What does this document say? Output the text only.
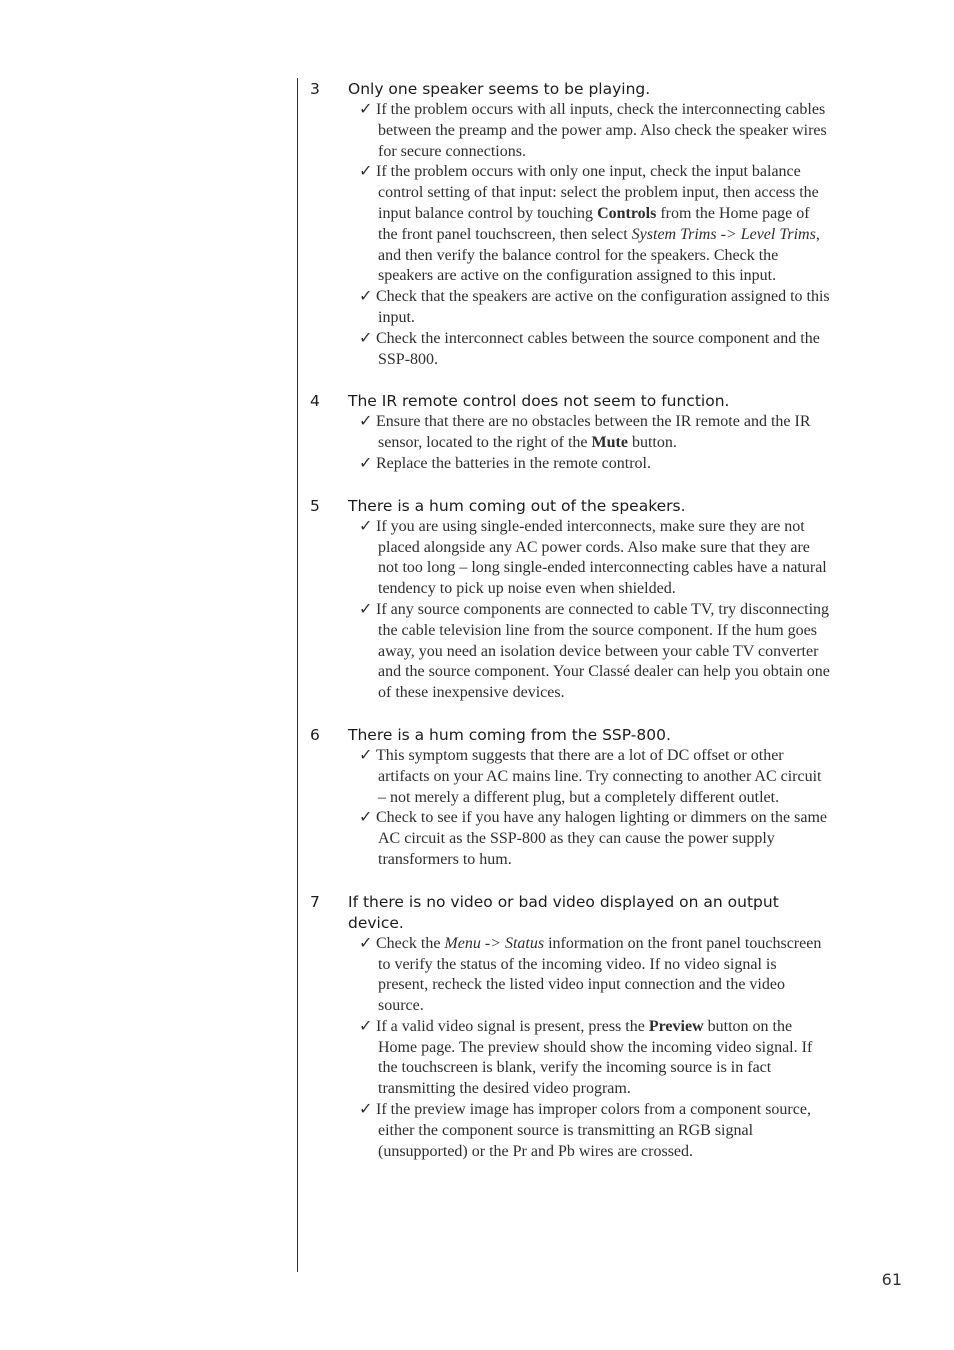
3	Only one speaker seems to be playing.
✓ If the problem occurs with all inputs, check the interconnecting cables between the preamp and the power amp. Also check the speaker wires for secure connections.
✓ If the problem occurs with only one input, check the input balance control setting of that input: select the problem input, then access the input balance control by touching Controls from the Home page of the front panel touchscreen, then select System Trims -> Level Trims, and then verify the balance control for the speakers. Check the speakers are active on the configuration assigned to this input.
✓ Check that the speakers are active on the configuration assigned to this input.
✓ Check the interconnect cables between the source component and the SSP-800.
4	The IR remote control does not seem to function.
✓ Ensure that there are no obstacles between the IR remote and the IR sensor, located to the right of the Mute button.
✓ Replace the batteries in the remote control.
5	There is a hum coming out of the speakers.
✓ If you are using single-ended interconnects, make sure they are not placed alongside any AC power cords. Also make sure that they are not too long – long single-ended interconnecting cables have a natural tendency to pick up noise even when shielded.
✓ If any source components are connected to cable TV, try disconnecting the cable television line from the source component. If the hum goes away, you need an isolation device between your cable TV converter and the source component. Your Classé dealer can help you obtain one of these inexpensive devices.
6	There is a hum coming from the SSP-800.
✓ This symptom suggests that there are a lot of DC offset or other artifacts on your AC mains line. Try connecting to another AC circuit – not merely a different plug, but a completely different outlet.
✓ Check to see if you have any halogen lighting or dimmers on the same AC circuit as the SSP-800 as they can cause the power supply transformers to hum.
7	If there is no video or bad video displayed on an output device.
✓ Check the Menu -> Status information on the front panel touchscreen to verify the status of the incoming video. If no video signal is present, recheck the listed video input connection and the video source.
✓ If a valid video signal is present, press the Preview button on the Home page. The preview should show the incoming video signal. If the touchscreen is blank, verify the incoming source is in fact transmitting the desired video program.
✓ If the preview image has improper colors from a component source, either the component source is transmitting an RGB signal (unsupported) or the Pr and Pb wires are crossed.
61
